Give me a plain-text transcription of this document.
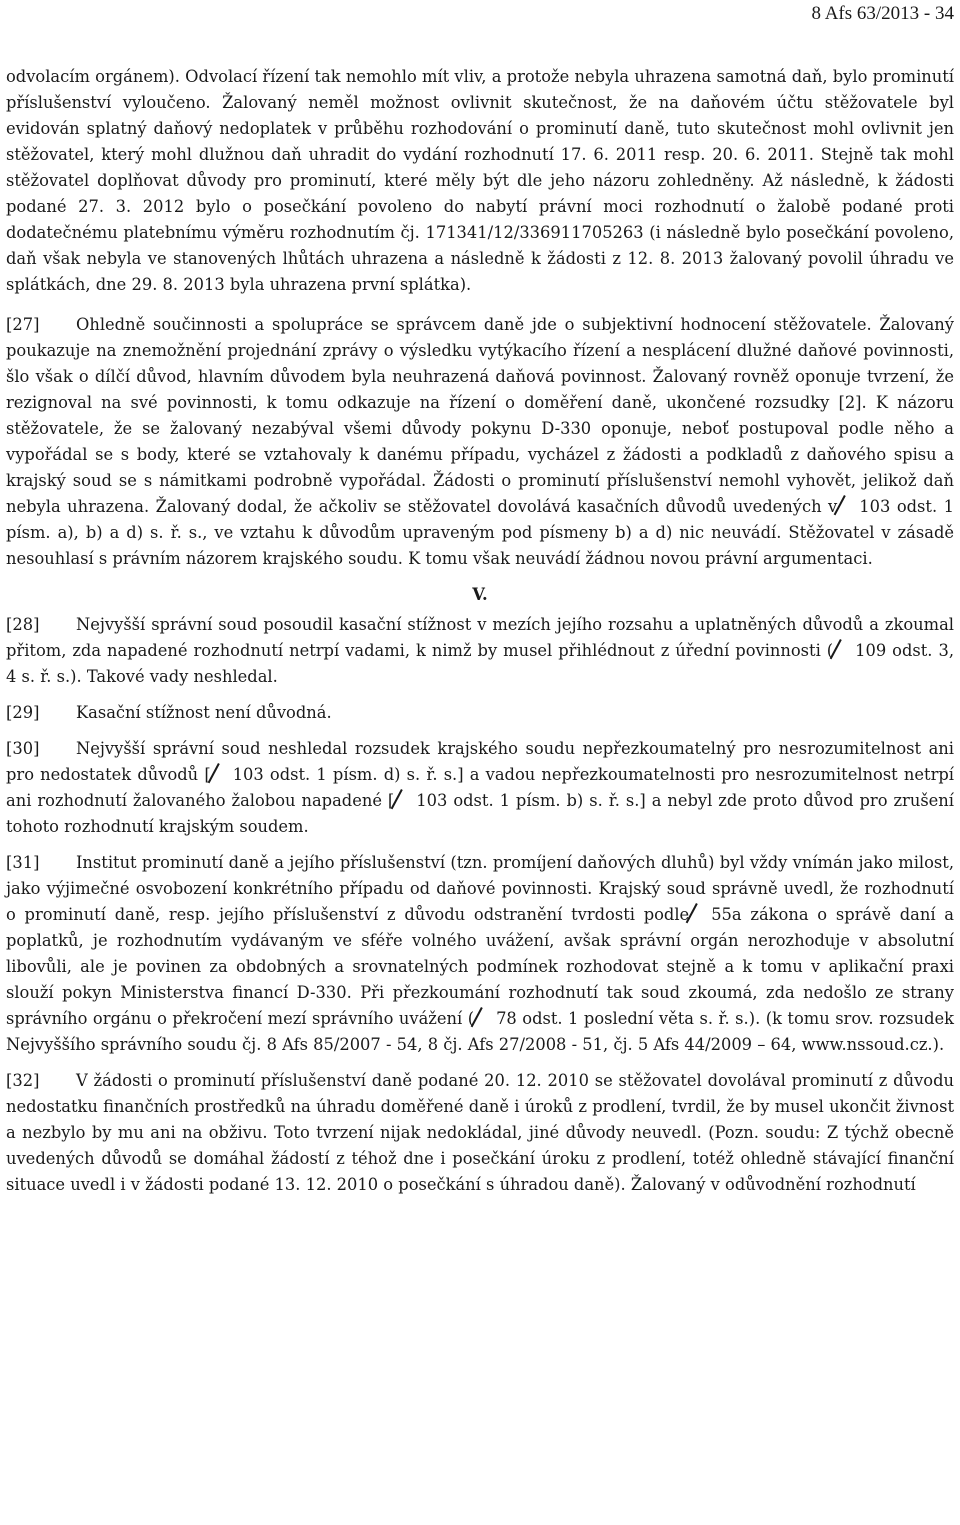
8 Afs 63/2013 - 34

odvolacím orgánem). Odvolací řízení tak nemohlo mít vliv, a protože nebyla uhrazena samotná daň, bylo prominutí příslušenství vyloučeno. Žalovaný neměl možnost ovlivnit skutečnost, že na daňovém účtu stěžovatele byl evidován splatný daňový nedoplatek v průběhu rozhodování o prominutí daně, tuto skutečnost mohl ovlivnit jen stěžovatel, který mohl dlužnou daň uhradit do vydání rozhodnutí 17. 6. 2011 resp. 20. 6. 2011. Stejně tak mohl stěžovatel doplňovat důvody pro prominutí, které měly být dle jeho názoru zohledněny. Až následně, k žádosti podané 27. 3. 2012 bylo o posečkání povoleno do nabytí právní moci rozhodnutí o žalobě podané proti dodatečnému platebnímu výměru rozhodnutím čj. 171341/12/336911705263 (i následně bylo posečkání povoleno, daň však nebyla ve stanovených lhůtách uhrazena a následně k žádosti z 12. 8. 2013 žalovaný povolil úhradu ve splátkách, dne 29. 8. 2013 byla uhrazena první splátka).

[27] Ohledně součinnosti a spolupráce se správcem daně jde o subjektivní hodnocení stěžovatele. Žalovaný poukazuje na znemožnění projednání zprávy o výsledku vytýkacího řízení a nesplácení dlužné daňové povinnosti, šlo však o dílčí důvod, hlavním důvodem byla neuhrazená daňová povinnost. Žalovaný rovněž oponuje tvrzení, že rezignoval na své povinnosti, k tomu odkazuje na řízení o doměření daně, ukončené rozsudky [2]. K názoru stěžovatele, že se žalovaný nezabýval všemi důvody pokynu D-330 oponuje, neboť postupoval podle něho a vypořádal se s body, které se vztahovaly k danému případu, vycházel z žádosti a podkladů z daňového spisu a krajský soud se s námitkami podrobně vypořádal. Žádosti o prominutí příslušenství nemohl vyhovět, jelikož daň nebyla uhrazena. Žalovaný dodal, že ačkoliv se stěžovatel dovolává kasačních důvodů uvedených v 103 odst. 1 písm. a), b) a d) s. ř. s., ve vztahu k důvodům upraveným pod písmeny b) a d) nic neuvádí. Stěžovatel v zásadě nesouhlasí s právním názorem krajského soudu. K tomu však neuvádí žádnou novou právní argumentaci.

V.

[28] Nejvyšší správní soud posoudil kasační stížnost v mezích jejího rozsahu a uplatněných důvodů a zkoumal přitom, zda napadené rozhodnutí netrpí vadami, k nimž by musel přihlédnout z úřední povinnosti ( 109 odst. 3, 4 s. ř. s.). Takové vady neshledal.

[29] Kasační stížnost není důvodná.

[30] Nejvyšší správní soud neshledal rozsudek krajského soudu nepřezkoumatelný pro nesrozumitelnost ani pro nedostatek důvodů [ 103 odst. 1 písm. d) s. ř. s.] a vadou nepřezkoumatelnosti pro nesrozumitelnost netrpí ani rozhodnutí žalovaného žalobou napadené [ 103 odst. 1 písm. b) s. ř. s.] a nebyl zde proto důvod pro zrušení tohoto rozhodnutí krajským soudem.

[31] Institut prominutí daně a jejího příslušenství (tzn. promíjení daňových dluhů) byl vždy vnímán jako milost, jako výjimečné osvobození konkrétního případu od daňové povinnosti. Krajský soud správně uvedl, že rozhodnutí o prominutí daně, resp. jejího příslušenství z důvodu odstranění tvrdosti podle 55a zákona o správě daní a poplatků, je rozhodnutím vydávaným ve sféře volného uvážení, avšak správní orgán nerozhoduje v absolutní libovůli, ale je povinen za obdobných a srovnatelných podmínek rozhodovat stejně a k tomu v aplikační praxi slouží pokyn Ministerstva financí D-330. Při přezkoumání rozhodnutí tak soud zkoumá, zda nedošlo ze strany správního orgánu o překročení mezí správního uvážení ( 78 odst. 1 poslední věta s. ř. s.). (k tomu srov. rozsudek Nejvyššího správního soudu čj. 8 Afs 85/2007 - 54, 8 čj. Afs 27/2008 - 51, čj. 5 Afs 44/2009 – 64, www.nssoud.cz.).

[32] V žádosti o prominutí příslušenství daně podané 20. 12. 2010 se stěžovatel dovolával prominutí z důvodu nedostatku finančních prostředků na úhradu doměřené daně i úroků z prodlení, tvrdil, že by musel ukončit živnost a nezbylo by mu ani na obživu. Toto tvrzení nijak nedokládal, jiné důvody neuvedl. (Pozn. soudu: Z týchž obecně uvedených důvodů se domáhal žádostí z téhož dne i posečkání úroku z prodlení, totéž ohledně stávající finanční situace uvedl i v žádosti podané 13. 12. 2010 o posečkání s úhradou daně). Žalovaný v odůvodnění rozhodnutí
